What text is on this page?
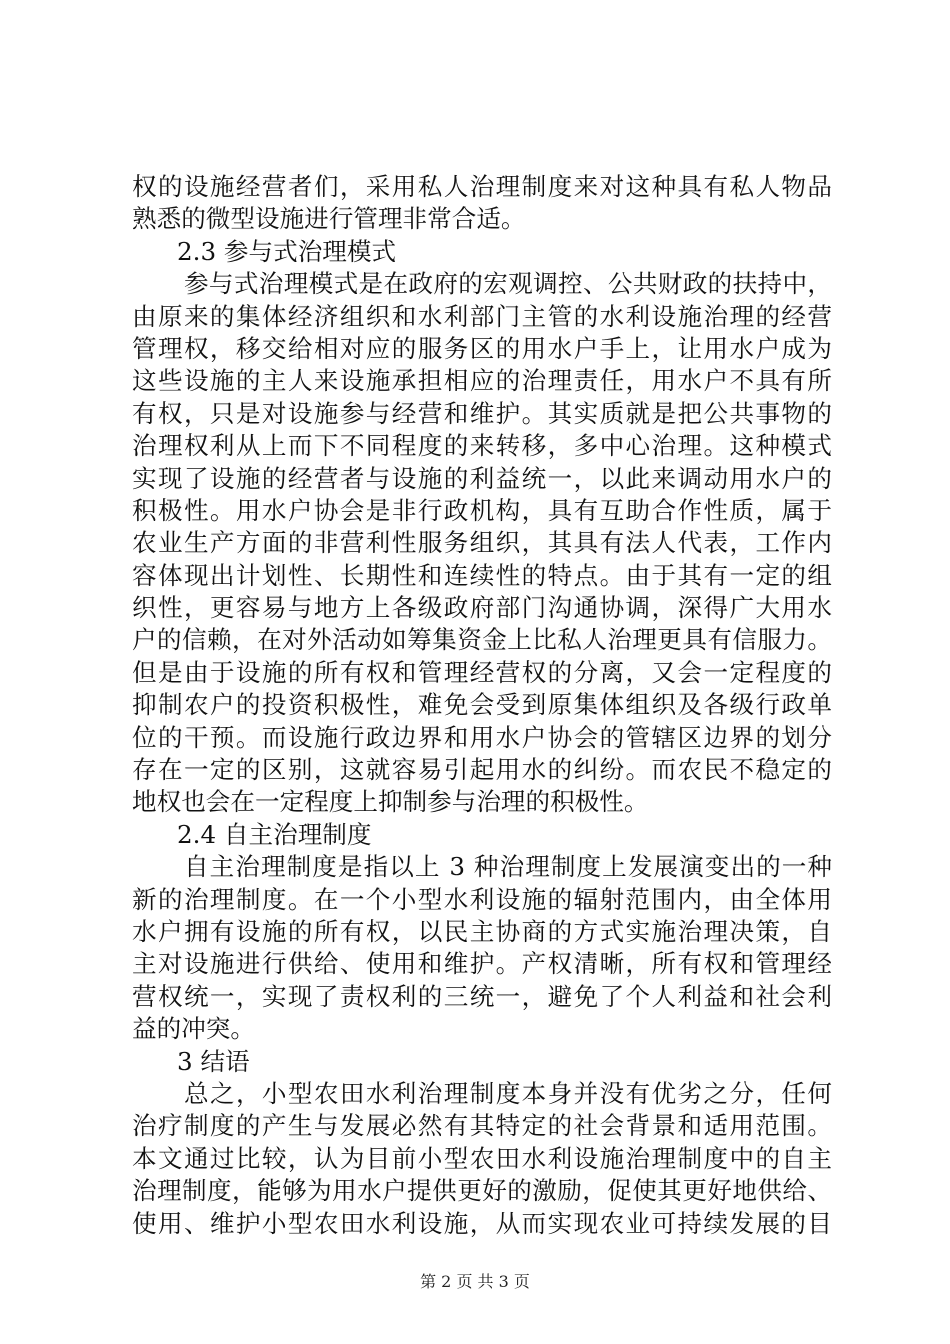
权的设施经营者们，采用私人治理制度来对这种具有私人物品
熟悉的微型设施进行管理非常合适。
2.3 参与式治理模式
参与式治理模式是在政府的宏观调控、公共财政的扶持中，
由原来的集体经济组织和水利部门主管的水利设施治理的经营
管理权，移交给相对应的服务区的用水户手上，让用水户成为
这些设施的主人来设施承担相应的治理责任，用水户不具有所
有权，只是对设施参与经营和维护。其实质就是把公共事物的
治理权利从上而下不同程度的来转移，多中心治理。这种模式
实现了设施的经营者与设施的利益统一，以此来调动用水户的
积极性。用水户协会是非行政机构，具有互助合作性质，属于
农业生产方面的非营利性服务组织，其具有法人代表，工作内
容体现出计划性、长期性和连续性的特点。由于其有一定的组
织性，更容易与地方上各级政府部门沟通协调，深得广大用水
户的信赖，在对外活动如筹集资金上比私人治理更具有信服力。
但是由于设施的所有权和管理经营权的分离，又会一定程度的
抑制农户的投资积极性，难免会受到原集体组织及各级行政单
位的干预。而设施行政边界和用水户协会的管辖区边界的划分
存在一定的区别，这就容易引起用水的纠纷。而农民不稳定的
地权也会在一定程度上抑制参与治理的积极性。
2.4 自主治理制度
自主治理制度是指以上 3 种治理制度上发展演变出的一种
新的治理制度。在一个小型水利设施的辐射范围内，由全体用
水户拥有设施的所有权，以民主协商的方式实施治理决策，自
主对设施进行供给、使用和维护。产权清晰，所有权和管理经
营权统一，实现了责权利的三统一，避免了个人利益和社会利
益的冲突。
3 结语
总之，小型农田水利治理制度本身并没有优劣之分，任何
治疗制度的产生与发展必然有其特定的社会背景和适用范围。
本文通过比较，认为目前小型农田水利设施治理制度中的自主
治理制度，能够为用水户提供更好的激励，促使其更好地供给、
使用、维护小型农田水利设施，从而实现农业可持续发展的目
第 2 页 共 3 页
